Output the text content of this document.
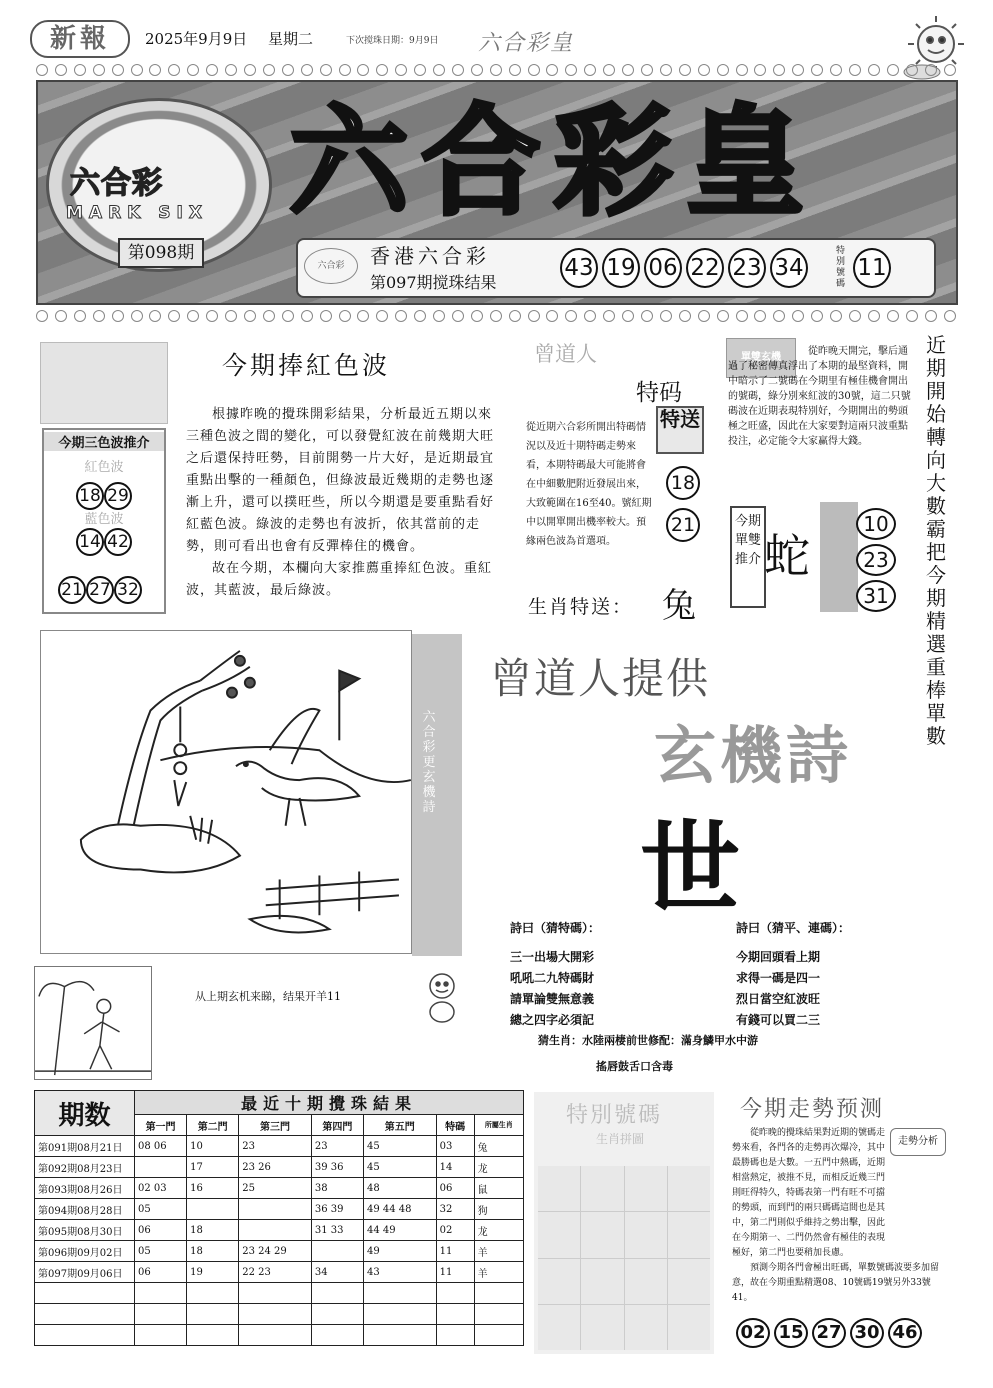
新報	2025年9月9日 星期二	下次搅珠日期：9月9日 六合彩皇
六合彩
MARK SIX
第098期
六合彩皇
六合彩	香港六合彩
第097期搅珠结果
43 19 06 22 23 34
特别號碼
11
今期三色波推介
紅色波
18 29
藍色波
14 42
21 27 32
今期捧紅色波

根據昨晚的攪珠開彩結果，分析最近五期以來三種色波之間的變化，可以發覺紅波在前幾期大旺之后還保持旺勢，目前開勢一片大好，是近期最宜重點出擊的一種顏色，但綠波最近幾期的走勢也逐漸上升，還可以撲旺些，所以今期還是要重點看好紅藍色波。綠波的走勢也有波折，依其當前的走勢，則可看出也會有反彈棒住的機會。

故在今期，本欄向大家推薦重捧紅色波。重紅波，其藍波，最后綠波。

曾道人
特码
特送
從近期六合彩所開出特碼情況以及近十期特碼走勢來看，本期特碼最大可能將會在中細數肥附近發展出來，大致範圍在16至40。號紅期中以開單開出機率較大。預緣兩色波為首選項。
18
21
生肖特送： 兔
單雙玄機
從昨晚天開完，擊后通過了秘密傳真浮出了本期的最堅資料，開中暗示了二號碼在今期里有極佳機會開出的號碼，綠分別來紅波的30號，這二只號碼波在近期表現特別好，今期開出的勢頭極之旺盛，因此在大家要對這兩只波重點投注，必定能令大家赢得大錢。
近期開始轉向大數霸把今期精選重棒單數
今期單雙推介 蛇
10
23
31
六合彩更玄機詩
曾道人提供
玄機詩
世
詩曰（猜特碼）：
三一出場大開彩
吼吼二九特碼財
請單論雙無意義
總之四字必須記
詩曰（猜平、連碼）：
今期回頭看上期
求得一碼是四一
烈日當空紅波旺
有錢可以買二三
猜生肖：水陸兩棲前世修配：滿身鱗甲水中游
搖唇鼓舌口含毒
从上期玄机来睇，结果开羊11
期数	最近十期攪珠結果						
	第一門	第二門	第三門	第四門	第五門	特碼	所屬生肖
第091期08月21日	08 06	10	23	23	45	03	兔
第092期08月23日		17	23 26	39 36	45	14	龙
第093期08月26日	02 03	16	25	38	48	06	鼠
第094期08月28日	05			36 39	49 44 48	32	狗
第095期08月30日	06	18		31 33	44 49	02	龙
第096期09月02日	05	18	23 24 29		49	11	羊
第097期09月06日	06	19	22 23	34	43	11	羊

特別號碼
生肖拼圖
今期走勢预测
走勢分析

從昨晚的攪珠結果對近期的號碼走勢來看，各門各的走勢再次爆冷，其中最勝碼也是大數。一五門中熱碼，近期相當熱定，被推不見，而相反近幾三門則旺得特久，特碼表第一門有旺不可擋的勢頭，而到門的兩只碼碼這間也是其中，第二門則似乎維持之勢出擊，因此在今期第一、二門仍然會有極佳的表現極好，第二門也要稍加長慮。

預測今期各門會極出旺碼，單數號碼波要多加留意，故在今期重點精選08、10號碼19號另外33號41。

02 15 27 30 46
